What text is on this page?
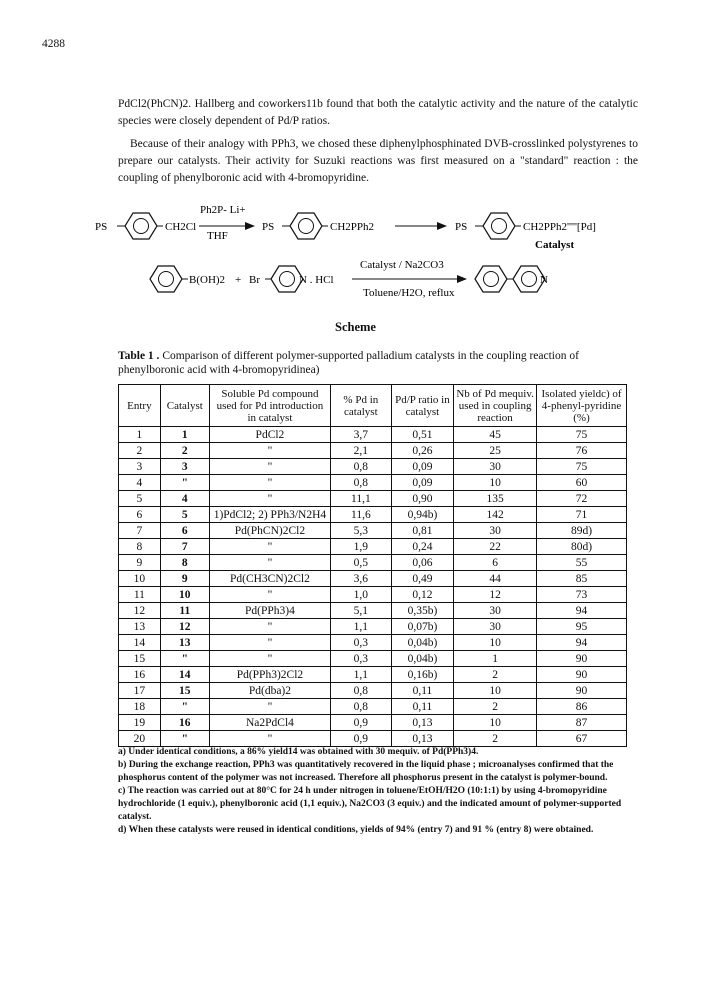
4288
PdCl2(PhCN)2. Hallberg and coworkers11b found that both the catalytic activity and the nature of the catalytic species were closely dependent of Pd/P ratios.
Because of their analogy with PPh3, we chosed these diphenylphosphinated DVB-crosslinked polystyrenes to prepare our catalysts. Their activity for Suzuki reactions was first measured on a "standard" reaction : the coupling of phenylboronic acid with 4-bromopyridine.
PS	CH2Cl
Ph2P- Li+
THF
PS	CH2PPh2	PS	CH2PPh2'''''[Pd]
Catalyst
B(OH)2 + Br	N . HCl
Catalyst / Na2CO3
Toluene/H2O, reflux
N
Scheme
Table 1 . Comparison of different polymer-supported palladium catalysts in the coupling reaction of phenylboronic acid with 4-bromopyridinea)
Entry	Catalyst	Soluble Pd compound used for Pd introduction in catalyst	% Pd in catalyst	Pd/P ratio in catalyst	Nb of Pd mequiv. used in coupling reaction	Isolated yieldc) of 4-phenyl-pyridine (%)
1	1	PdCl2	3,7	0,51	45	75
2	2	"	2,1	0,26	25	76
3	3	"	0,8	0,09	30	75
4	"	"	0,8	0,09	10	60
5	4	"	11,1	0,90	135	72
6	5	1)PdCl2; 2) PPh3/N2H4	11,6	0,94b)	142	71
7	6	Pd(PhCN)2Cl2	5,3	0,81	30	89d)
8	7	"	1,9	0,24	22	80d)
9	8	"	0,5	0,06	6	55
10	9	Pd(CH3CN)2Cl2	3,6	0,49	44	85
11	10	"	1,0	0,12	12	73
12	11	Pd(PPh3)4	5,1	0,35b)	30	94
13	12	"	1,1	0,07b)	30	95
14	13	"	0,3	0,04b)	10	94
15	"	"	0,3	0,04b)	1	90
16	14	Pd(PPh3)2Cl2	1,1	0,16b)	2	90
17	15	Pd(dba)2	0,8	0,11	10	90
18	"	"	0,8	0,11	2	86
19	16	Na2PdCl4	0,9	0,13	10	87
20	"	"	0,9	0,13	2	67
a) Under identical conditions, a 86% yield14 was obtained with 30 mequiv. of Pd(PPh3)4.
b) During the exchange reaction, PPh3 was quantitatively recovered in the liquid phase ; microanalyses confirmed that the phosphorus content of the polymer was not increased. Therefore all phosphorus present in the catalyst is polymer-bound.
c) The reaction was carried out at 80°C for 24 h under nitrogen in toluene/EtOH/H2O (10:1:1) by using 4-bromopyridine hydrochloride (1 equiv.), phenylboronic acid (1,1 equiv.), Na2CO3 (3 equiv.) and the indicated amount of polymer-supported catalyst.
d) When these catalysts were reused in identical conditions, yields of 94% (entry 7) and 91 % (entry 8) were obtained.
